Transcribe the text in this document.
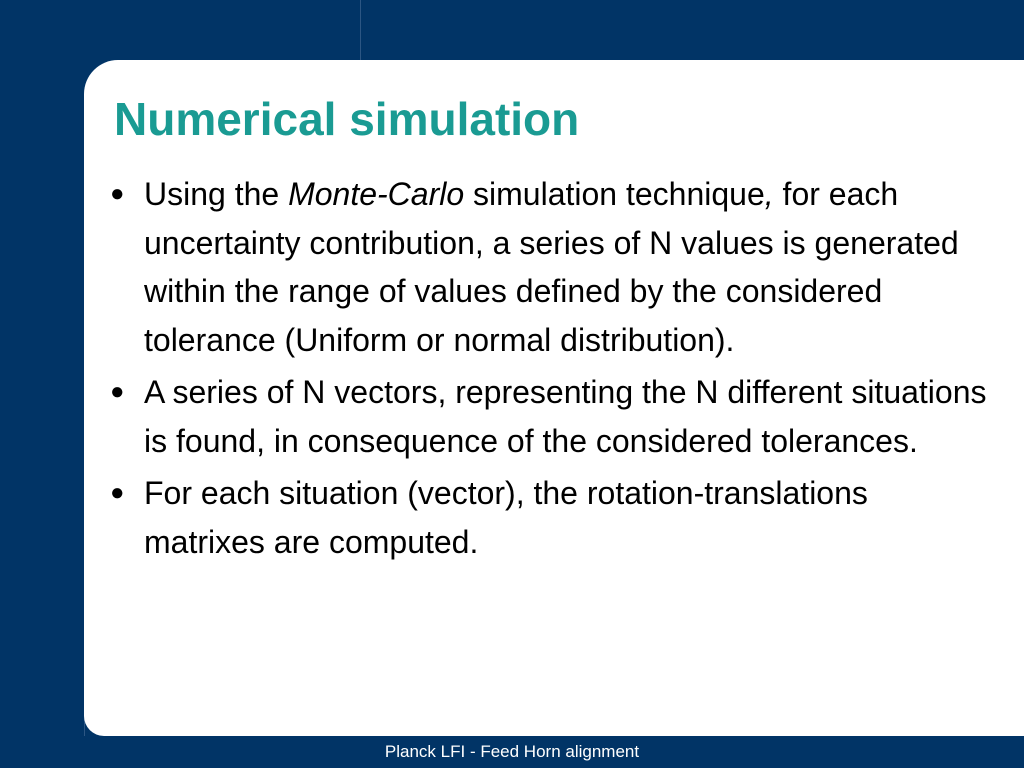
Numerical simulation
● Using the Monte-Carlo simulation technique, for each uncertainty contribution, a series of N values is generated within the range of values defined by the considered tolerance (Uniform or normal distribution).
● A series of N vectors, representing the N different situations is found, in consequence of the considered tolerances.
● For each situation (vector), the rotation-translations matrixes are computed.
Planck LFI - Feed Horn alignment
